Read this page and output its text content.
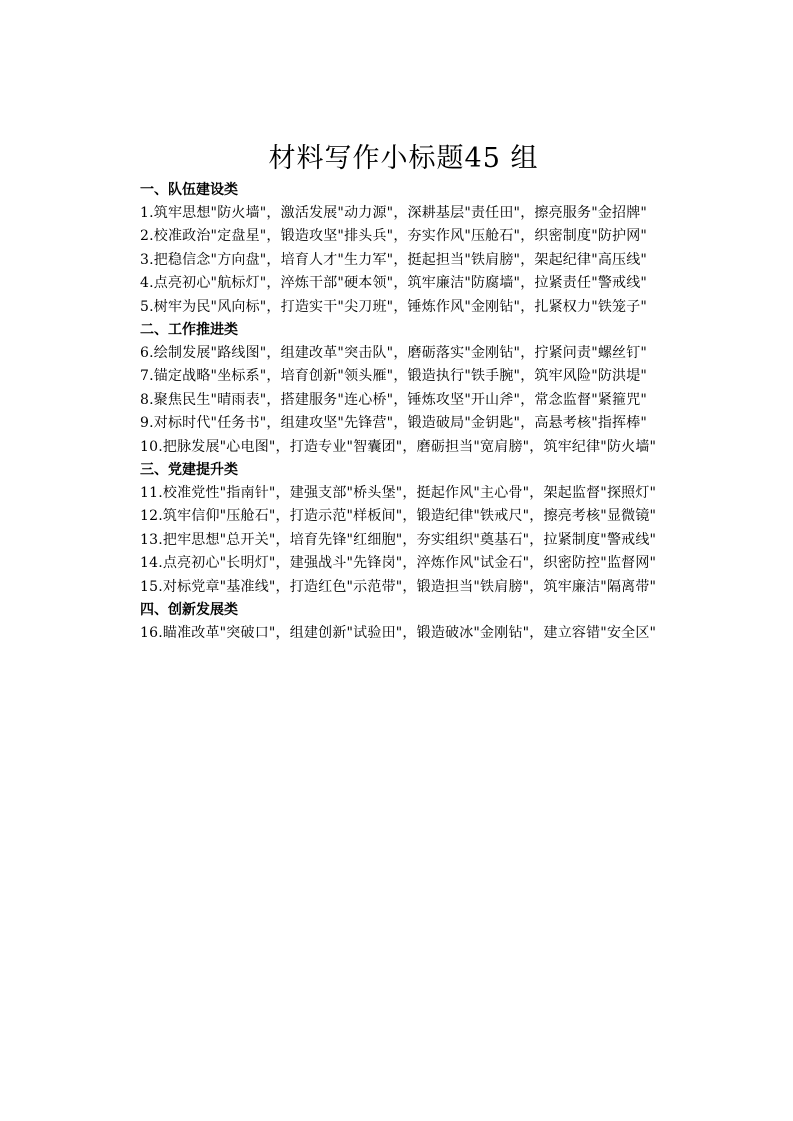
材料写作小标题45 组
一、队伍建设类

1.筑牢思想"防火墙"，激活发展"动力源"，深耕基层"责任田"，擦亮服务"金招牌"

2.校准政治"定盘星"，锻造攻坚"排头兵"，夯实作风"压舱石"，织密制度"防护网"

3.把稳信念"方向盘"，培育人才"生力军"，挺起担当"铁肩膀"，架起纪律"高压线"

4.点亮初心"航标灯"，淬炼干部"硬本领"，筑牢廉洁"防腐墙"，拉紧责任"警戒线"

5.树牢为民"风向标"，打造实干"尖刀班"，锤炼作风"金刚钻"，扎紧权力"铁笼子"

二、工作推进类

6.绘制发展"路线图"，组建改革"突击队"，磨砺落实"金刚钻"，拧紧问责"螺丝钉"

7.锚定战略"坐标系"，培育创新"领头雁"，锻造执行"铁手腕"，筑牢风险"防洪堤"

8.聚焦民生"晴雨表"，搭建服务"连心桥"，锤炼攻坚"开山斧"，常念监督"紧箍咒"

9.对标时代"任务书"，组建攻坚"先锋营"，锻造破局"金钥匙"，高悬考核"指挥棒"

10.把脉发展"心电图"，打造专业"智囊团"，磨砺担当"宽肩膀"，筑牢纪律"防火墙"

三、党建提升类

11.校准党性"指南针"，建强支部"桥头堡"，挺起作风"主心骨"，架起监督"探照灯"

12.筑牢信仰"压舱石"，打造示范"样板间"，锻造纪律"铁戒尺"，擦亮考核"显微镜"

13.把牢思想"总开关"，培育先锋"红细胞"，夯实组织"奠基石"，拉紧制度"警戒线"

14.点亮初心"长明灯"，建强战斗"先锋岗"，淬炼作风"试金石"，织密防控"监督网"

15.对标党章"基准线"，打造红色"示范带"，锻造担当"铁肩膀"，筑牢廉洁"隔离带"

四、创新发展类

16.瞄准改革"突破口"，组建创新"试验田"，锻造破冰"金刚钻"，建立容错"安全区"
